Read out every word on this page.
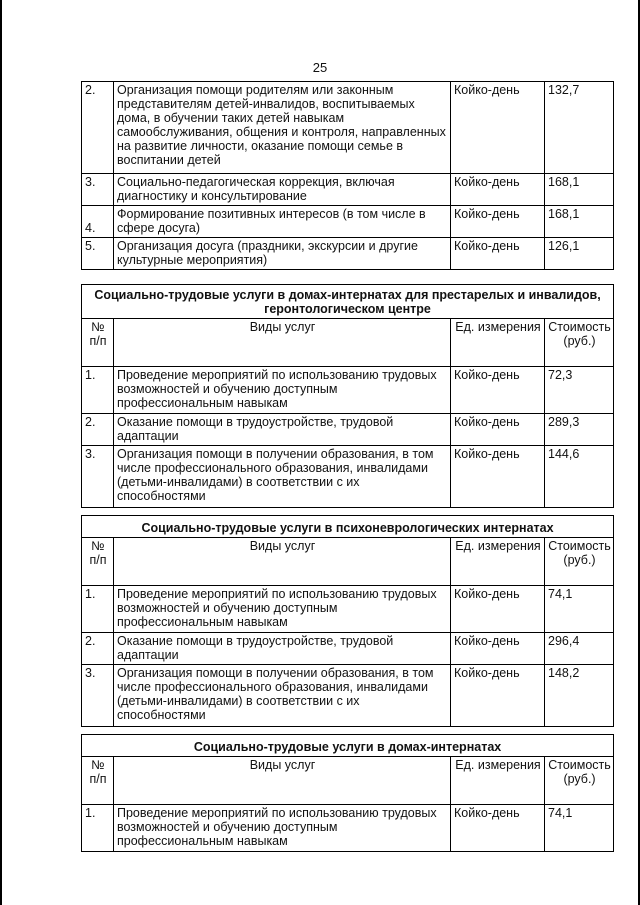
25
2.	Организация помощи родителям или законным представителям детей-инвалидов, воспитываемых дома, в обучении таких детей навыкам самообслуживания, общения и контроля, направленных на развитие личности, оказание помощи семье в воспитании детей	Койко-день	132,7
3.	Социально-педагогическая коррекция, включая диагностику и консультирование	Койко-день	168,1
4.	Формирование позитивных интересов (в том числе в сфере досуга)	Койко-день	168,1
5.	Организация досуга (праздники, экскурсии и другие культурные мероприятия)	Койко-день	126,1
Социально-трудовые услуги в домах-интернатах для престарелых и инвалидов, геронтологическом центре			
№ п/п	Виды услуг	Ед. измерения	Стоимость (руб.)
1.	Проведение мероприятий по использованию трудовых возможностей и обучению доступным профессиональным навыкам	Койко-день	72,3
2.	Оказание помощи в трудоустройстве, трудовой адаптации	Койко-день	289,3
3.	Организация помощи в получении образования, в том числе профессионального образования, инвалидами (детьми-инвалидами) в соответствии с их способностями	Койко-день	144,6
Социально-трудовые услуги в психоневрологических интернатах			
№ п/п	Виды услуг	Ед. измерения	Стоимость (руб.)
1.	Проведение мероприятий по использованию трудовых возможностей и обучению доступным профессиональным навыкам	Койко-день	74,1
2.	Оказание помощи в трудоустройстве, трудовой адаптации	Койко-день	296,4
3.	Организация помощи в получении образования, в том числе профессионального образования, инвалидами (детьми-инвалидами) в соответствии с их способностями	Койко-день	148,2
Социально-трудовые услуги в домах-интернатах			
№ п/п	Виды услуг	Ед. измерения	Стоимость (руб.)
1.	Проведение мероприятий по использованию трудовых возможностей и обучению доступным профессиональным навыкам	Койко-день	74,1
